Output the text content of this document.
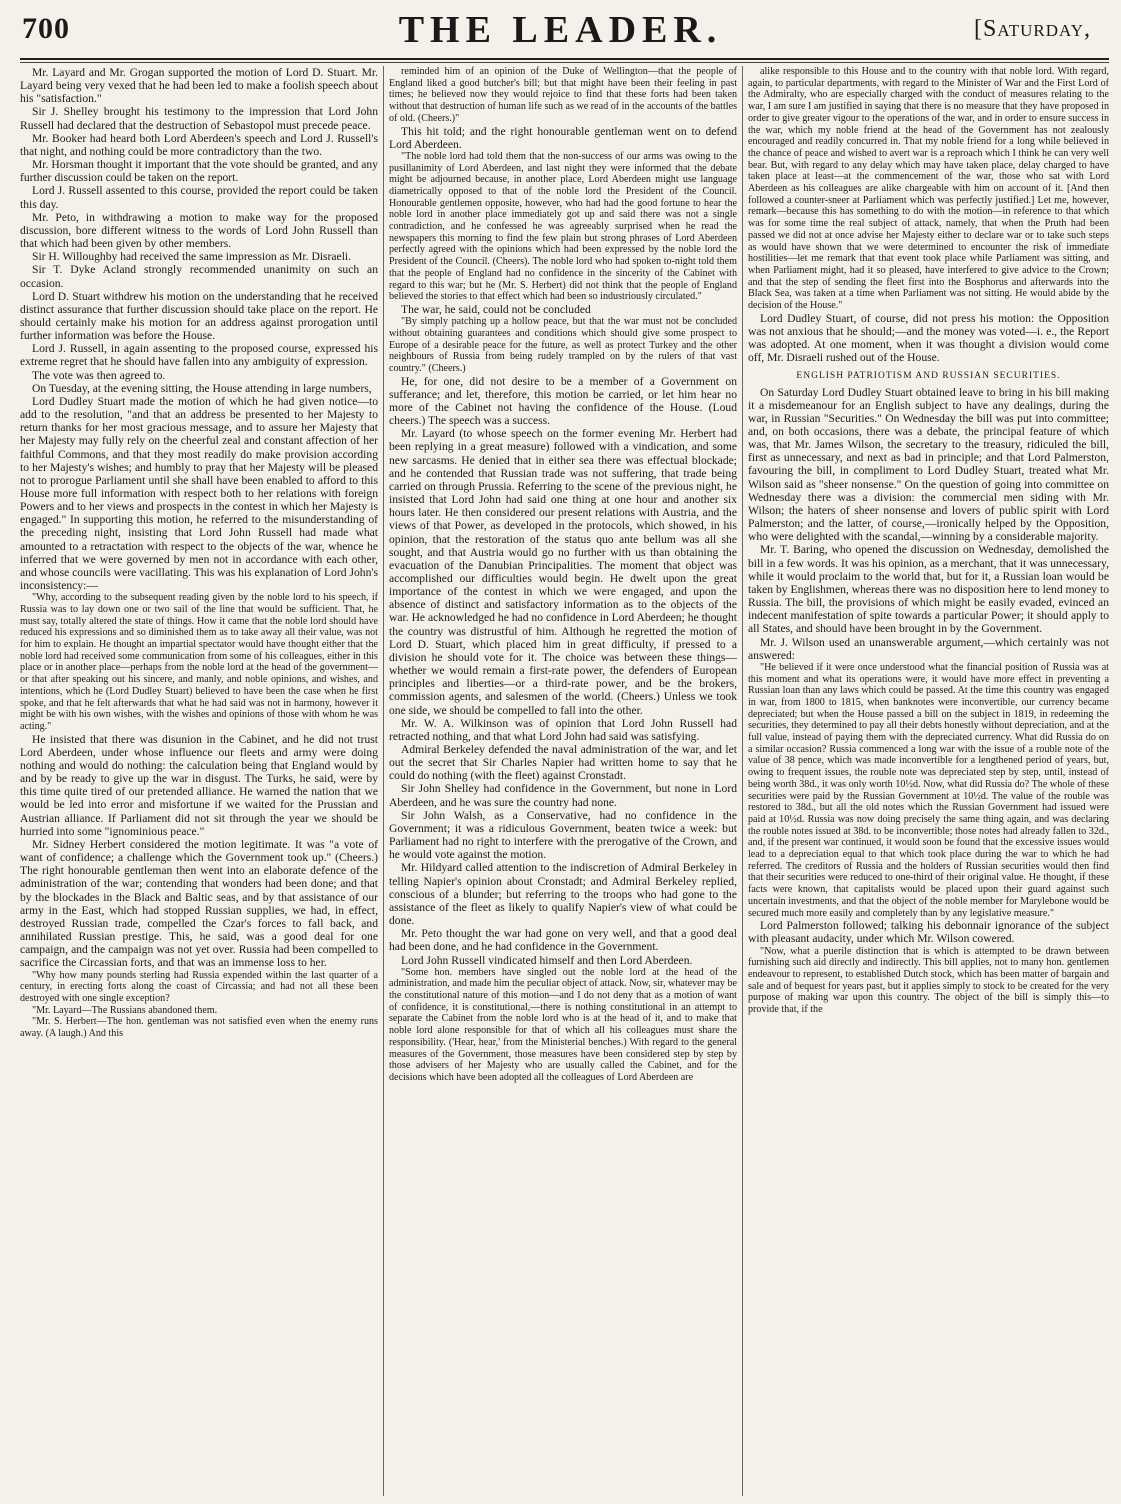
700	THE LEADER.	[Saturday,

Mr. Layard and Mr. Grogan supported the motion of Lord D. Stuart. Mr. Layard being very vexed that he had been led to make a foolish speech about his "satisfaction."

Sir J. Shelley brought his testimony to the impression that Lord John Russell had declared that the destruction of Sebastopol must precede peace.

Mr. Booker had heard both Lord Aberdeen's speech and Lord J. Russell's that night, and nothing could be more contradictory than the two.

Mr. Horsman thought it important that the vote should be granted, and any further discussion could be taken on the report.

Lord J. Russell assented to this course, provided the report could be taken this day.

Mr. Peto, in withdrawing a motion to make way for the proposed discussion, bore different witness to the words of Lord John Russell than that which had been given by other members.

Sir H. Willoughby had received the same impression as Mr. Disraeli.

Sir T. Dyke Acland strongly recommended unanimity on such an occasion.

Lord D. Stuart withdrew his motion on the understanding that he received distinct assurance that further discussion should take place on the report. He should certainly make his motion for an address against prorogation until further information was before the House.

Lord J. Russell, in again assenting to the proposed course, expressed his extreme regret that he should have fallen into any ambiguity of expression.

The vote was then agreed to.

On Tuesday, at the evening sitting, the House attending in large numbers,

Lord Dudley Stuart made the motion of which he had given notice—to add to the resolution, "and that an address be presented to her Majesty to return thanks for her most gracious message, and to assure her Majesty that her Majesty may fully rely on the cheerful zeal and constant affection of her faithful Commons, and that they most readily do make provision according to her Majesty's wishes; and humbly to pray that her Majesty will be pleased not to prorogue Parliament until she shall have been enabled to afford to this House more full information with respect both to her relations with foreign Powers and to her views and prospects in the contest in which her Majesty is engaged." In supporting this motion, he referred to the misunderstanding of the preceding night, insisting that Lord John Russell had made what amounted to a retractation with respect to the objects of the war, whence he inferred that we were governed by men not in accordance with each other, and whose councils were vacillating. This was his explanation of Lord John's inconsistency:—

"Why, according to the subsequent reading given by the noble lord to his speech, if Russia was to lay down one or two sail of the line that would be sufficient. That, he must say, totally altered the state of things. How it came that the noble lord should have reduced his expressions and so diminished them as to take away all their value, was not for him to explain. He thought an impartial spectator would have thought either that the noble lord had received some communication from some of his colleagues, either in this place or in another place—perhaps from the noble lord at the head of the government—or that after speaking out his sincere, and manly, and noble opinions, and wishes, and intentions, which he (Lord Dudley Stuart) believed to have been the case when he first spoke, and that he felt afterwards that what he had said was not in harmony, however it might be with his own wishes, with the wishes and opinions of those with whom he was acting."

He insisted that there was disunion in the Cabinet, and he did not trust Lord Aberdeen, under whose influence our fleets and army were doing nothing and would do nothing: the calculation being that England would by and by be ready to give up the war in disgust. The Turks, he said, were by this time quite tired of our pretended alliance. He warned the nation that we would be led into error and misfortune if we waited for the Prussian and Austrian alliance. If Parliament did not sit through the year we should be hurried into some "ignominious peace."

Mr. Sidney Herbert considered the motion legitimate. It was "a vote of want of confidence; a challenge which the Government took up." (Cheers.) The right honourable gentleman then went into an elaborate defence of the administration of the war; contending that wonders had been done; and that by the blockades in the Black and Baltic seas, and by that assistance of our army in the East, which had stopped Russian supplies, we had, in effect, destroyed Russian trade, compelled the Czar's forces to fall back, and annihilated Russian prestige. This, he said, was a good deal for one campaign, and the campaign was not yet over. Russia had been compelled to sacrifice the Circassian forts, and that was an immense loss to her.

"Why how many pounds sterling had Russia expended within the last quarter of a century, in erecting forts along the coast of Circassia; and had not all these been destroyed with one single exception?

"Mr. Layard—The Russians abandoned them.

"Mr. S. Herbert—The hon. gentleman was not satisfied even when the enemy runs away. (A laugh.) And this

reminded him of an opinion of the Duke of Wellington—that the people of England liked a good butcher's bill; but that might have been their feeling in past times; he believed now they would rejoice to find that these forts had been taken without that destruction of human life such as we read of in the accounts of the battles of old. (Cheers.)"

This hit told; and the right honourable gentleman went on to defend Lord Aberdeen.

"The noble lord had told them that the non-success of our arms was owing to the pusillanimity of Lord Aberdeen, and last night they were informed that the debate might be adjourned because, in another place, Lord Aberdeen might use language diametrically opposed to that of the noble lord the President of the Council. Honourable gentlemen opposite, however, who had had the good fortune to hear the noble lord in another place immediately got up and said there was not a single contradiction, and he confessed he was agreeably surprised when he read the newspapers this morning to find the few plain but strong phrases of Lord Aberdeen perfectly agreed with the opinions which had been expressed by the noble lord the President of the Council. (Cheers). The noble lord who had spoken to-night told them that the people of England had no confidence in the sincerity of the Cabinet with regard to this war; but he (Mr. S. Herbert) did not think that the people of England believed the stories to that effect which had been so industriously circulated."

The war, he said, could not be concluded

"By simply patching up a hollow peace, but that the war must not be concluded without obtaining guarantees and conditions which should give some prospect to Europe of a desirable peace for the future, as well as protect Turkey and the other neighbours of Russia from being rudely trampled on by the rulers of that vast country." (Cheers.)

He, for one, did not desire to be a member of a Government on sufferance; and let, therefore, this motion be carried, or let him hear no more of the Cabinet not having the confidence of the House. (Loud cheers.) The speech was a success.

Mr. Layard (to whose speech on the former evening Mr. Herbert had been replying in a great measure) followed with a vindication, and some new sarcasms. He denied that in either sea there was effectual blockade; and he contended that Russian trade was not suffering, that trade being carried on through Prussia. Referring to the scene of the previous night, he insisted that Lord John had said one thing at one hour and another six hours later. He then considered our present relations with Austria, and the views of that Power, as developed in the protocols, which showed, in his opinion, that the restoration of the status quo ante bellum was all she sought, and that Austria would go no further with us than obtaining the evacuation of the Danubian Principalities. The moment that object was accomplished our difficulties would begin. He dwelt upon the great importance of the contest in which we were engaged, and upon the absence of distinct and satisfactory information as to the objects of the war. He acknowledged he had no confidence in Lord Aberdeen; he thought the country was distrustful of him. Although he regretted the motion of Lord D. Stuart, which placed him in great difficulty, if pressed to a division he should vote for it. The choice was between these things—whether we would remain a first-rate power, the defenders of European principles and liberties—or a third-rate power, and be the brokers, commission agents, and salesmen of the world. (Cheers.) Unless we took one side, we should be compelled to fall into the other.

Mr. W. A. Wilkinson was of opinion that Lord John Russell had retracted nothing, and that what Lord John had said was satisfying.

Admiral Berkeley defended the naval administration of the war, and let out the secret that Sir Charles Napier had written home to say that he could do nothing (with the fleet) against Cronstadt.

Sir John Shelley had confidence in the Government, but none in Lord Aberdeen, and he was sure the country had none.

Sir John Walsh, as a Conservative, had no confidence in the Government; it was a ridiculous Government, beaten twice a week: but Parliament had no right to interfere with the prerogative of the Crown, and he would vote against the motion.

Mr. Hildyard called attention to the indiscretion of Admiral Berkeley in telling Napier's opinion about Cronstadt; and Admiral Berkeley replied, conscious of a blunder; but referring to the troops who had gone to the assistance of the fleet as likely to qualify Napier's view of what could be done.

Mr. Peto thought the war had gone on very well, and that a good deal had been done, and he had confidence in the Government.

Lord John Russell vindicated himself and then Lord Aberdeen.

"Some hon. members have singled out the noble lord at the head of the administration, and made him the peculiar object of attack. Now, sir, whatever may be the constitutional nature of this motion—and I do not deny that as a motion of want of confidence, it is constitutional,—there is nothing constitutional in an attempt to separate the Cabinet from the noble lord who is at the head of it, and to make that noble lord alone responsible for that of which all his colleagues must share the responsibility. ('Hear, hear,' from the Ministerial benches.) With regard to the general measures of the Government, those measures have been considered step by step by those advisers of her Majesty who are usually called the Cabinet, and for the decisions which have been adopted all the colleagues of Lord Aberdeen are

alike responsible to this House and to the country with that noble lord. With regard, again, to particular departments, with regard to the Minister of War and the First Lord of the Admiralty, who are especially charged with the conduct of measures relating to the war, I am sure I am justified in saying that there is no measure that they have proposed in order to give greater vigour to the operations of the war, and in order to ensure success in the war, which my noble friend at the head of the Government has not zealously encouraged and readily concurred in. That my noble friend for a long while believed in the chance of peace and wished to avert war is a reproach which I think he can very well bear. But, with regard to any delay which may have taken place, delay charged to have taken place at least—at the commencement of the war, those who sat with Lord Aberdeen as his colleagues are alike chargeable with him on account of it. [And then followed a counter-sneer at Parliament which was perfectly justified.] Let me, however, remark—because this has something to do with the motion—in reference to that which was for some time the real subject of attack, namely, that when the Pruth had been passed we did not at once advise her Majesty either to declare war or to take such steps as would have shown that we were determined to encounter the risk of immediate hostilities—let me remark that that event took place while Parliament was sitting, and when Parliament might, had it so pleased, have interfered to give advice to the Crown; and that the step of sending the fleet first into the Bosphorus and afterwards into the Black Sea, was taken at a time when Parliament was not sitting. He would abide by the decision of the House."

Lord Dudley Stuart, of course, did not press his motion: the Opposition was not anxious that he should;—and the money was voted—i. e., the Report was adopted. At one moment, when it was thought a division would come off, Mr. Disraeli rushed out of the House.

ENGLISH PATRIOTISM AND RUSSIAN SECURITIES.

On Saturday Lord Dudley Stuart obtained leave to bring in his bill making it a misdemeanour for an English subject to have any dealings, during the war, in Russian "Securities." On Wednesday the bill was put into committee; and, on both occasions, there was a debate, the principal feature of which was, that Mr. James Wilson, the secretary to the treasury, ridiculed the bill, first as unnecessary, and next as bad in principle; and that Lord Palmerston, favouring the bill, in compliment to Lord Dudley Stuart, treated what Mr. Wilson said as "sheer nonsense." On the question of going into committee on Wednesday there was a division: the commercial men siding with Mr. Wilson; the haters of sheer nonsense and lovers of public spirit with Lord Palmerston; and the latter, of course,—ironically helped by the Opposition, who were delighted with the scandal,—winning by a considerable majority.

Mr. T. Baring, who opened the discussion on Wednesday, demolished the bill in a few words. It was his opinion, as a merchant, that it was unnecessary, while it would proclaim to the world that, but for it, a Russian loan would be taken by Englishmen, whereas there was no disposition here to lend money to Russia. The bill, the provisions of which might be easily evaded, evinced an indecent manifestation of spite towards a particular Power; it should apply to all States, and should have been brought in by the Government.

Mr. J. Wilson used an unanswerable argument,—which certainly was not answered:

"He believed if it were once understood what the financial position of Russia was at this moment and what its operations were, it would have more effect in preventing a Russian loan than any laws which could be passed. At the time this country was engaged in war, from 1800 to 1815, when banknotes were inconvertible, our currency became depreciated; but when the House passed a bill on the subject in 1819, in redeeming the securities, they determined to pay all their debts honestly without depreciation, and at the full value, instead of paying them with the depreciated currency. What did Russia do on a similar occasion? Russia commenced a long war with the issue of a rouble note of the value of 38 pence, which was made inconvertible for a lengthened period of years, but, owing to frequent issues, the rouble note was depreciated step by step, until, instead of being worth 38d., it was only worth 10½d. Now, what did Russia do? The whole of these securities were paid by the Russian Government at 10½d. The value of the rouble was restored to 38d., but all the old notes which the Russian Government had issued were paid at 10½d. Russia was now doing precisely the same thing again, and was declaring the rouble notes issued at 38d. to be inconvertible; those notes had already fallen to 32d., and, if the present war continued, it would soon be found that the excessive issues would lead to a depreciation equal to that which took place during the war to which he had referred. The creditors of Russia and the holders of Russian securities would then find that their securities were reduced to one-third of their original value. He thought, if these facts were known, that capitalists would be placed upon their guard against such uncertain investments, and that the object of the noble member for Marylebone would be secured much more easily and completely than by any legislative measure."

Lord Palmerston followed; talking his debonnair ignorance of the subject with pleasant audacity, under which Mr. Wilson cowered.

"Now, what a puerile distinction that is which is attempted to be drawn between furnishing such aid directly and indirectly. This bill applies, not to many hon. gentlemen endeavour to represent, to established Dutch stock, which has been matter of bargain and sale and of bequest for years past, but it applies simply to stock to be created for the very purpose of making war upon this country. The object of the bill is simply this—to provide that, if the
